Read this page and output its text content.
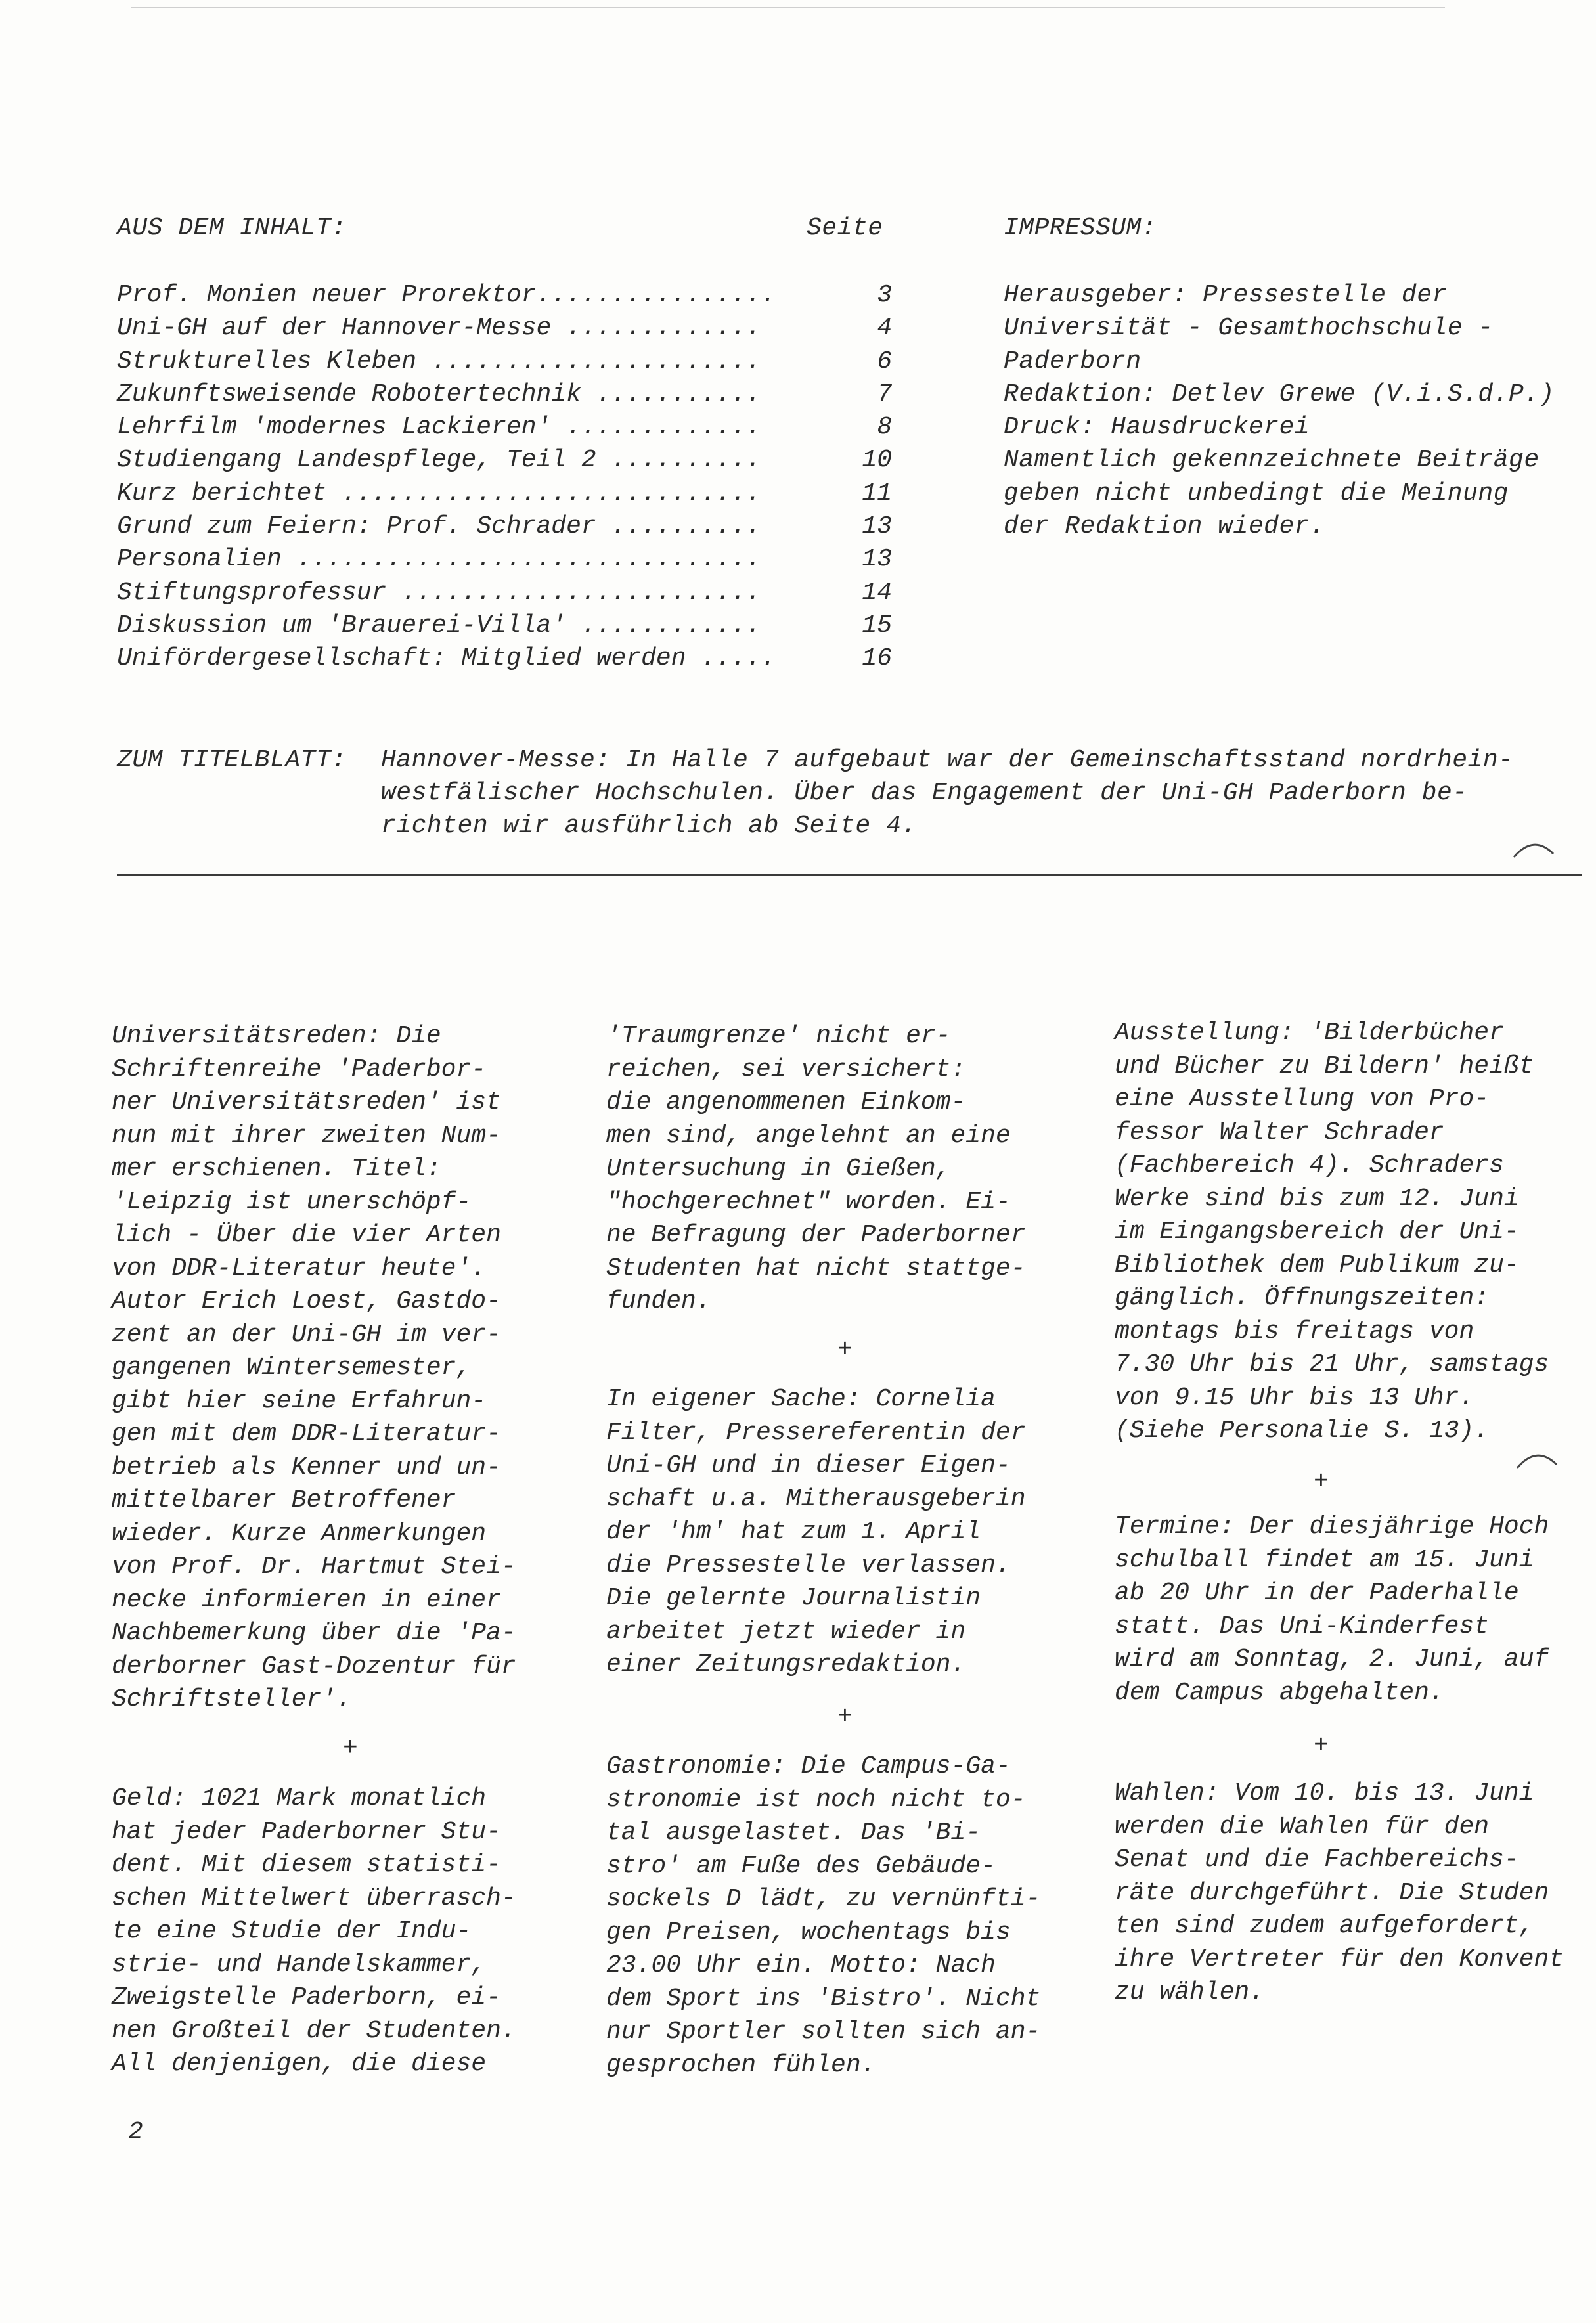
AUS DEM INHALT:	Seite
Prof. Monien neuer Prorektor................	3
Uni-GH auf der Hannover-Messe .............	4
Strukturelles Kleben ......................	6
Zukunftsweisende Robotertechnik ...........	7
Lehrfilm 'modernes Lackieren' .............	8
Studiengang Landespflege, Teil 2 ..........	10
Kurz berichtet ............................	11
Grund zum Feiern: Prof. Schrader ..........	13
Personalien ...............................	13
Stiftungsprofessur ........................	14
Diskussion um 'Brauerei-Villa' ............	15
Unifördergesellschaft: Mitglied werden .....	16
IMPRESSUM:
Herausgeber: Pressestelle der
Universität - Gesamthochschule -
Paderborn
Redaktion: Detlev Grewe (V.i.S.d.P.)
Druck: Hausdruckerei
Namentlich gekennzeichnete Beiträge
geben nicht unbedingt die Meinung
der Redaktion wieder.
ZUM TITELBLATT: Hannover-Messe: In Halle 7 aufgebaut war der Gemeinschaftsstand nordrhein-
westfälischer Hochschulen. Über das Engagement der Uni-GH Paderborn be-
richten wir ausführlich ab Seite 4.
Universitätsreden: Die
Schriftenreihe 'Paderbor-
ner Universitätsreden' ist
nun mit ihrer zweiten Num-
mer erschienen. Titel:
'Leipzig ist unerschöpf-
lich - Über die vier Arten
von DDR-Literatur heute'.
Autor Erich Loest, Gastdo-
zent an der Uni-GH im ver-
gangenen Wintersemester,
gibt hier seine Erfahrun-
gen mit dem DDR-Literatur-
betrieb als Kenner und un-
mittelbarer Betroffener
wieder. Kurze Anmerkungen
von Prof. Dr. Hartmut Stei-
necke informieren in einer
Nachbemerkung über die 'Pa-
derborner Gast-Dozentur für
Schriftsteller'.
+
Geld: 1021 Mark monatlich
hat jeder Paderborner Stu-
dent. Mit diesem statisti-
schen Mittelwert überrasch-
te eine Studie der Indu-
strie- und Handelskammer,
Zweigstelle Paderborn, ei-
nen Großteil der Studenten.
All denjenigen, die diese
'Traumgrenze' nicht er-
reichen, sei versichert:
die angenommenen Einkom-
men sind, angelehnt an eine
Untersuchung in Gießen,
"hochgerechnet" worden. Ei-
ne Befragung der Paderborner
Studenten hat nicht stattge-
funden.
+
In eigener Sache: Cornelia
Filter, Pressereferentin der
Uni-GH und in dieser Eigen-
schaft u.a. Mitherausgeberin
der 'hm' hat zum 1. April
die Pressestelle verlassen.
Die gelernte Journalistin
arbeitet jetzt wieder in
einer Zeitungsredaktion.
+
Gastronomie: Die Campus-Ga-
stronomie ist noch nicht to-
tal ausgelastet. Das 'Bi-
stro' am Fuße des Gebäude-
sockels D lädt, zu vernünfti-
gen Preisen, wochentags bis
23.00 Uhr ein. Motto: Nach
dem Sport ins 'Bistro'. Nicht
nur Sportler sollten sich an-
gesprochen fühlen.
Ausstellung: 'Bilderbücher
und Bücher zu Bildern' heißt
eine Ausstellung von Pro-
fessor Walter Schrader
(Fachbereich 4). Schraders
Werke sind bis zum 12. Juni
im Eingangsbereich der Uni-
Bibliothek dem Publikum zu-
gänglich. Öffnungszeiten:
montags bis freitags von
7.30 Uhr bis 21 Uhr, samstags
von 9.15 Uhr bis 13 Uhr.
(Siehe Personalie S. 13).
+
Termine: Der diesjährige Hoch
schulball findet am 15. Juni
ab 20 Uhr in der Paderhalle
statt. Das Uni-Kinderfest
wird am Sonntag, 2. Juni, auf
dem Campus abgehalten.
+
Wahlen: Vom 10. bis 13. Juni
werden die Wahlen für den
Senat und die Fachbereichs-
räte durchgeführt. Die Studen
ten sind zudem aufgefordert,
ihre Vertreter für den Konvent
zu wählen.
2
